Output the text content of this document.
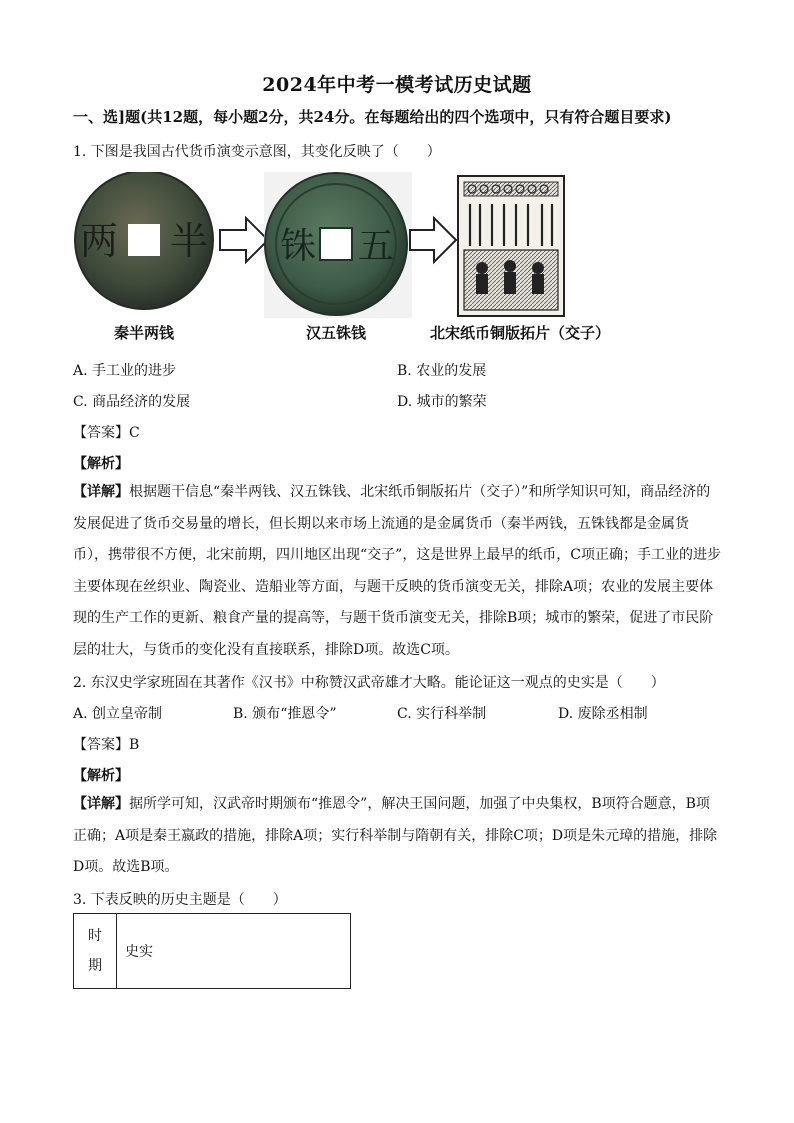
2024年中考一模考试历史试题
一、选]题(共12题，每小题2分，共24分。在每题给出的四个选项中，只有符合题目要求)
1. 下图是我国古代货币演变示意图，其变化反映了（　　）
两 半 铢 五
秦半两钱	汉五铢钱	北宋纸币铜版拓片（交子）
A. 手工业的进步	B. 农业的发展
C. 商品经济的发展	D. 城市的繁荣
【答案】C
【解析】
【详解】根据题干信息“秦半两钱、汉五铢钱、北宋纸币铜版拓片（交子）”和所学知识可知，商品经济的发展促进了货币交易量的增长，但长期以来市场上流通的是金属货币（秦半两钱，五铢钱都是金属货币），携带很不方便，北宋前期，四川地区出现“交子”，这是世界上最早的纸币，C项正确；手工业的进步主要体现在丝织业、陶瓷业、造船业等方面，与题干反映的货币演变无关，排除A项；农业的发展主要体现的生产工作的更新、粮食产量的提高等，与题干货币演变无关，排除B项；城市的繁荣，促进了市民阶层的壮大，与货币的变化没有直接联系，排除D项。故选C项。
2. 东汉史学家班固在其著作《汉书》中称赞汉武帝雄才大略。能论证这一观点的史实是（　　）
A. 创立皇帝制	B. 颁布“推恩令”	C. 实行科举制	D. 废除丞相制
【答案】B
【解析】
【详解】据所学可知，汉武帝时期颁布“推恩令”，解决王国问题，加强了中央集权，B项符合题意，B项正确；A项是秦王嬴政的措施，排除A项；实行科举制与隋朝有关，排除C项；D项是朱元璋的措施，排除D项。故选B项。
3. 下表反映的历史主题是（　　）
时
期	史实
